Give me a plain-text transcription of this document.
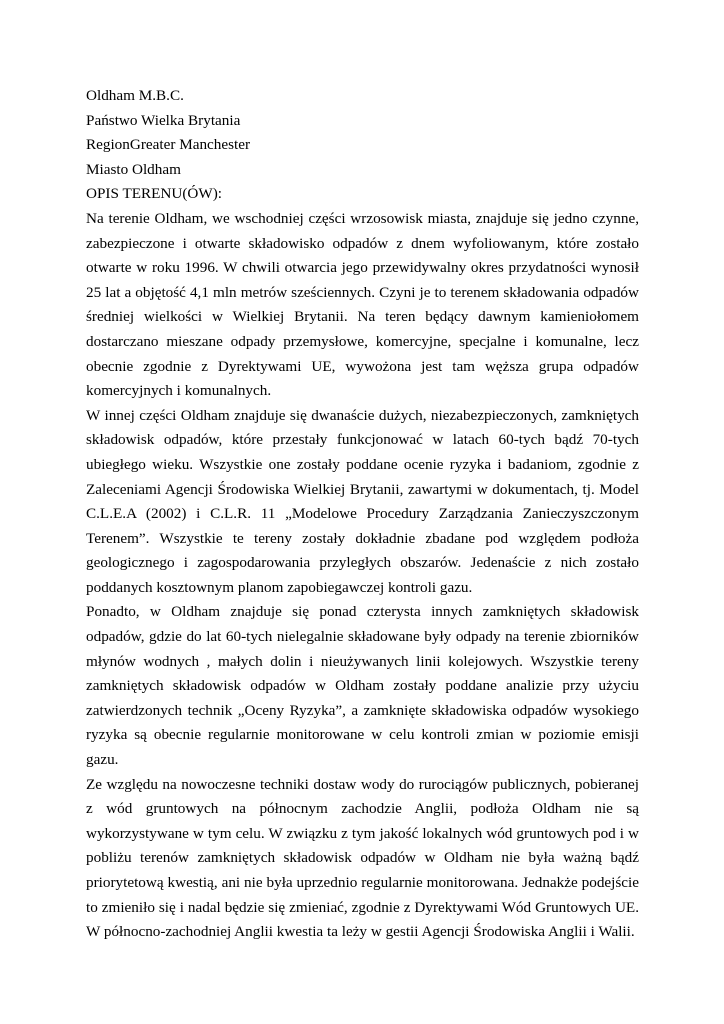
Oldham M.B.C.

Państwo Wielka Brytania

RegionGreater Manchester

Miasto Oldham

OPIS TERENU(ÓW):

Na terenie Oldham, we wschodniej części wrzosowisk miasta, znajduje się jedno czynne, zabezpieczone i otwarte składowisko odpadów z dnem wyfoliowanym, które zostało otwarte w roku 1996. W chwili otwarcia jego przewidywalny okres przydatności wynosił 25 lat a objętość 4,1 mln metrów sześciennych. Czyni je to terenem składowania odpadów średniej wielkości w Wielkiej Brytanii. Na teren będący dawnym kamieniołomem dostarczano mieszane odpady przemysłowe, komercyjne, specjalne i komunalne, lecz obecnie zgodnie z Dyrektywami UE, wywożona jest tam węższa grupa odpadów komercyjnych i komunalnych.

W innej części Oldham znajduje się dwanaście dużych, niezabezpieczonych, zamkniętych składowisk odpadów, które przestały funkcjonować w latach 60-tych bądź 70-tych ubiegłego wieku. Wszystkie one zostały poddane ocenie ryzyka i badaniom, zgodnie z Zaleceniami Agencji Środowiska Wielkiej Brytanii, zawartymi w dokumentach, tj. Model C.L.E.A (2002) i C.L.R. 11 „Modelowe Procedury Zarządzania Zanieczyszczonym Terenem”. Wszystkie te tereny zostały dokładnie zbadane pod względem podłoża geologicznego i zagospodarowania przyległych obszarów. Jedenaście z nich zostało poddanych kosztownym planom zapobiegawczej kontroli gazu.

Ponadto, w Oldham znajduje się ponad czterysta innych zamkniętych składowisk odpadów, gdzie do lat 60-tych nielegalnie składowane były odpady na terenie zbiorników młynów wodnych , małych dolin i nieużywanych linii kolejowych. Wszystkie tereny zamkniętych składowisk odpadów w Oldham zostały poddane analizie przy użyciu zatwierdzonych technik „Oceny Ryzyka”, a zamknięte składowiska odpadów wysokiego ryzyka są obecnie regularnie monitorowane w celu kontroli zmian w poziomie emisji gazu.

Ze względu na nowoczesne techniki dostaw wody do rurociągów publicznych, pobieranej z wód gruntowych na północnym zachodzie Anglii, podłoża Oldham nie są wykorzystywane w tym celu. W związku z tym jakość lokalnych wód gruntowych pod i w pobliżu terenów zamkniętych składowisk odpadów w Oldham nie była ważną bądź priorytetową kwestią, ani nie była uprzednio regularnie monitorowana. Jednakże podejście to zmieniło się i nadal będzie się zmieniać, zgodnie z Dyrektywami Wód Gruntowych UE. W północno-zachodniej Anglii kwestia ta leży w gestii Agencji Środowiska Anglii i Walii.
